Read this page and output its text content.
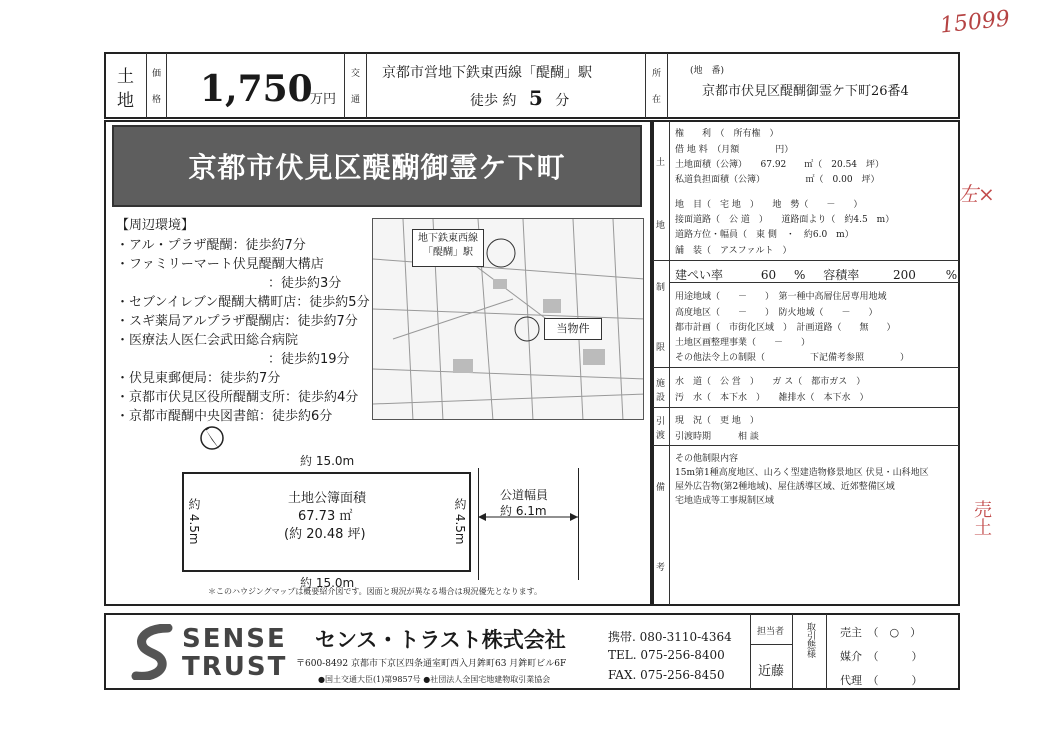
15099
左×
売土
土
地
価
格 1,750
万円
交
通
京都市営地下鉄東西線「醍醐」駅
徒歩 約 5 分
所
在
(地　番)
京都市伏見区醍醐御霊ケ下町26番4
京都市伏見区醍醐御霊ケ下町
【周辺環境】
・アル・プラザ醍醐：徒歩約7分
・ファミリーマート伏見醍醐大構店
：徒歩約3分
・セブンイレブン醍醐大構町店：徒歩約5分
・スギ薬局アルプラザ醍醐店：徒歩約7分
・医療法人医仁会武田総合病院
：徒歩約19分
・伏見東郵便局：徒歩約7分
・京都市伏見区役所醍醐支所：徒歩約4分
・京都市醍醐中央図書館：徒歩約6分
地下鉄東西線
「醍醐」駅
当物件
約 15.0m
約 15.0m
約 4.5m	約 4.5m
土地公簿面積
67.73 ㎡
(約 20.48 坪)
公道幅員
約 6.1m
＊このハウジングマップは概要紹介図です。図面と現況が異なる場合は現況優先となります。
土
地
制
限
施
設
引
渡
備
考
権　　利　（　所有権　）
借 地 料　（月額　　　　円）
土地面積（公簿）　　67.92　　㎡（　20.54　坪）
私道負担面積（公簿）　　　　　㎡（　0.00　坪）
地　目（　宅 地　）　　地　勢（　　－　　）
接面道路（　公 道　）　　道路面より（　約4.5　m）
道路方位・幅員（　東 側　・　約6.0　m）
舗　装（　アスファルト　）
建ぺい率	60 % 容積率	200 %
用途地域（　　－　　）　第一種中高層住居専用地域
高度地区（　　－　　）　防火地域（　　－　　）
都市計画（　市街化区域　）　計画道路（　　無　　）
土地区画整理事業（　　－　　）
その他法令上の制限（　　　　　下記備考参照　　　　）
水　道（　公 営　）　　ガ ス（　都市ガス　）
汚　水（　本下水　）　　雑排水（　本下水　）
現　況（　更 地　）
引渡時期　　　相 談
その他制限内容
15m第1種高度地区、山ろく型建造物修景地区 伏見・山科地区
屋外広告物(第2種地域)、屋住誘導区域、近郊整備区域
宅地造成等工事規制区域
SENSE
TRUST
センス・トラスト株式会社
〒600-8492 京都市下京区四条通室町西入月鉾町63 月鉾町ビル6F
●国土交通大臣(1)第9857号 ●社団法人全国宅地建物取引業協会
携帯. 080-3110-4364
TEL. 075-256-8400
FAX. 075-256-8450
担当者
近藤
取引態様 売主　（　○　）
媒介　（　　　）
代理　（　　　）
